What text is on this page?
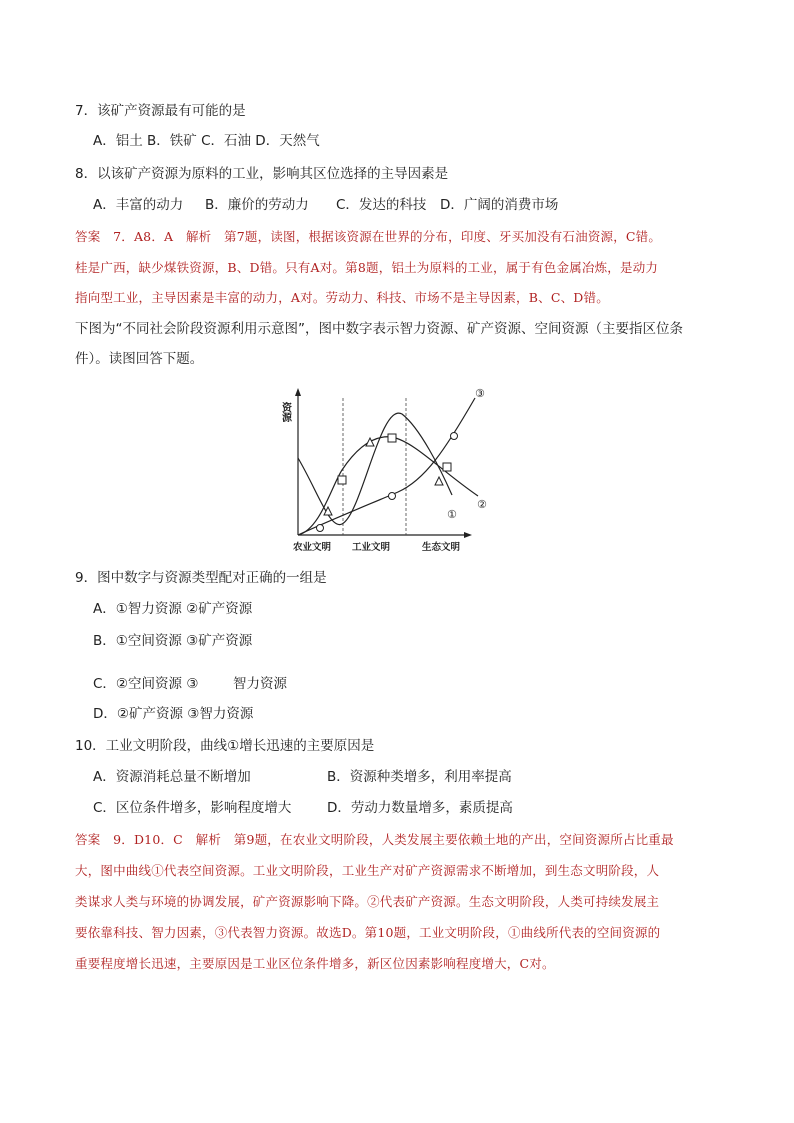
7．该矿产资源最有可能的是
A．铝土 B．铁矿 C．石油 D．天然气
8．以该矿产资源为原料的工业，影响其区位选择的主导因素是
A．丰富的动力 B．廉价的劳动力 C．发达的科技 D．广阔的消费市场
答案　7．A8．A　解析　第7题，读图，根据该资源在世界的分布，印度、牙买加没有石油资源，C错。
桂是广西，缺少煤铁资源，B、D错。只有A对。第8题，铝土为原料的工业，属于有色金属冶炼，是动力
指向型工业，主导因素是丰富的动力，A对。劳动力、科技、市场不是主导因素，B、C、D错。
下图为“不同社会阶段资源利用示意图”，图中数字表示智力资源、矿产资源、空间资源（主要指区位条
件）。读图回答下题。
资源
①
②
③
农业文明 工业文明	生态文明
9．图中数字与资源类型配对正确的一组是
A．①智力资源 ②矿产资源
B．①空间资源 ③矿产资源
C．②空间资源 ③	智力资源
D．②矿产资源 ③智力资源
10．工业文明阶段，曲线①增长迅速的主要原因是
A．资源消耗总量不断增加	B．资源种类增多，利用率提高
C．区位条件增多，影响程度增大	D．劳动力数量增多，素质提高
答案　9．D10．C　解析　第9题，在农业文明阶段，人类发展主要依赖土地的产出，空间资源所占比重最
大，图中曲线①代表空间资源。工业文明阶段，工业生产对矿产资源需求不断增加，到生态文明阶段，人
类谋求人类与环境的协调发展，矿产资源影响下降。②代表矿产资源。生态文明阶段，人类可持续发展主
要依靠科技、智力因素，③代表智力资源。故选D。第10题，工业文明阶段，①曲线所代表的空间资源的
重要程度增长迅速，主要原因是工业区位条件增多，新区位因素影响程度增大，C对。
